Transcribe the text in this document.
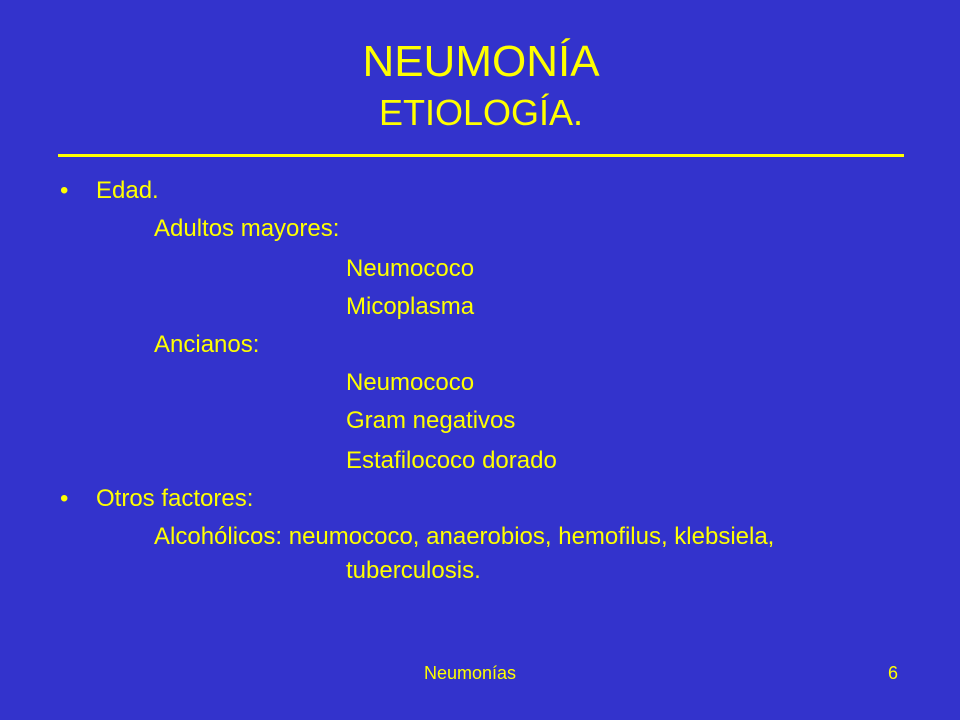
NEUMONÍA
ETIOLOGÍA.
• Edad.
Adultos mayores:
Neumococo
Micoplasma
Ancianos:
Neumococo
Gram negativos
Estafilococo dorado
• Otros factores:
Alcohólicos: neumococo, anaerobios, hemofilus, klebsiela,
tuberculosis.
Neumonías	6
